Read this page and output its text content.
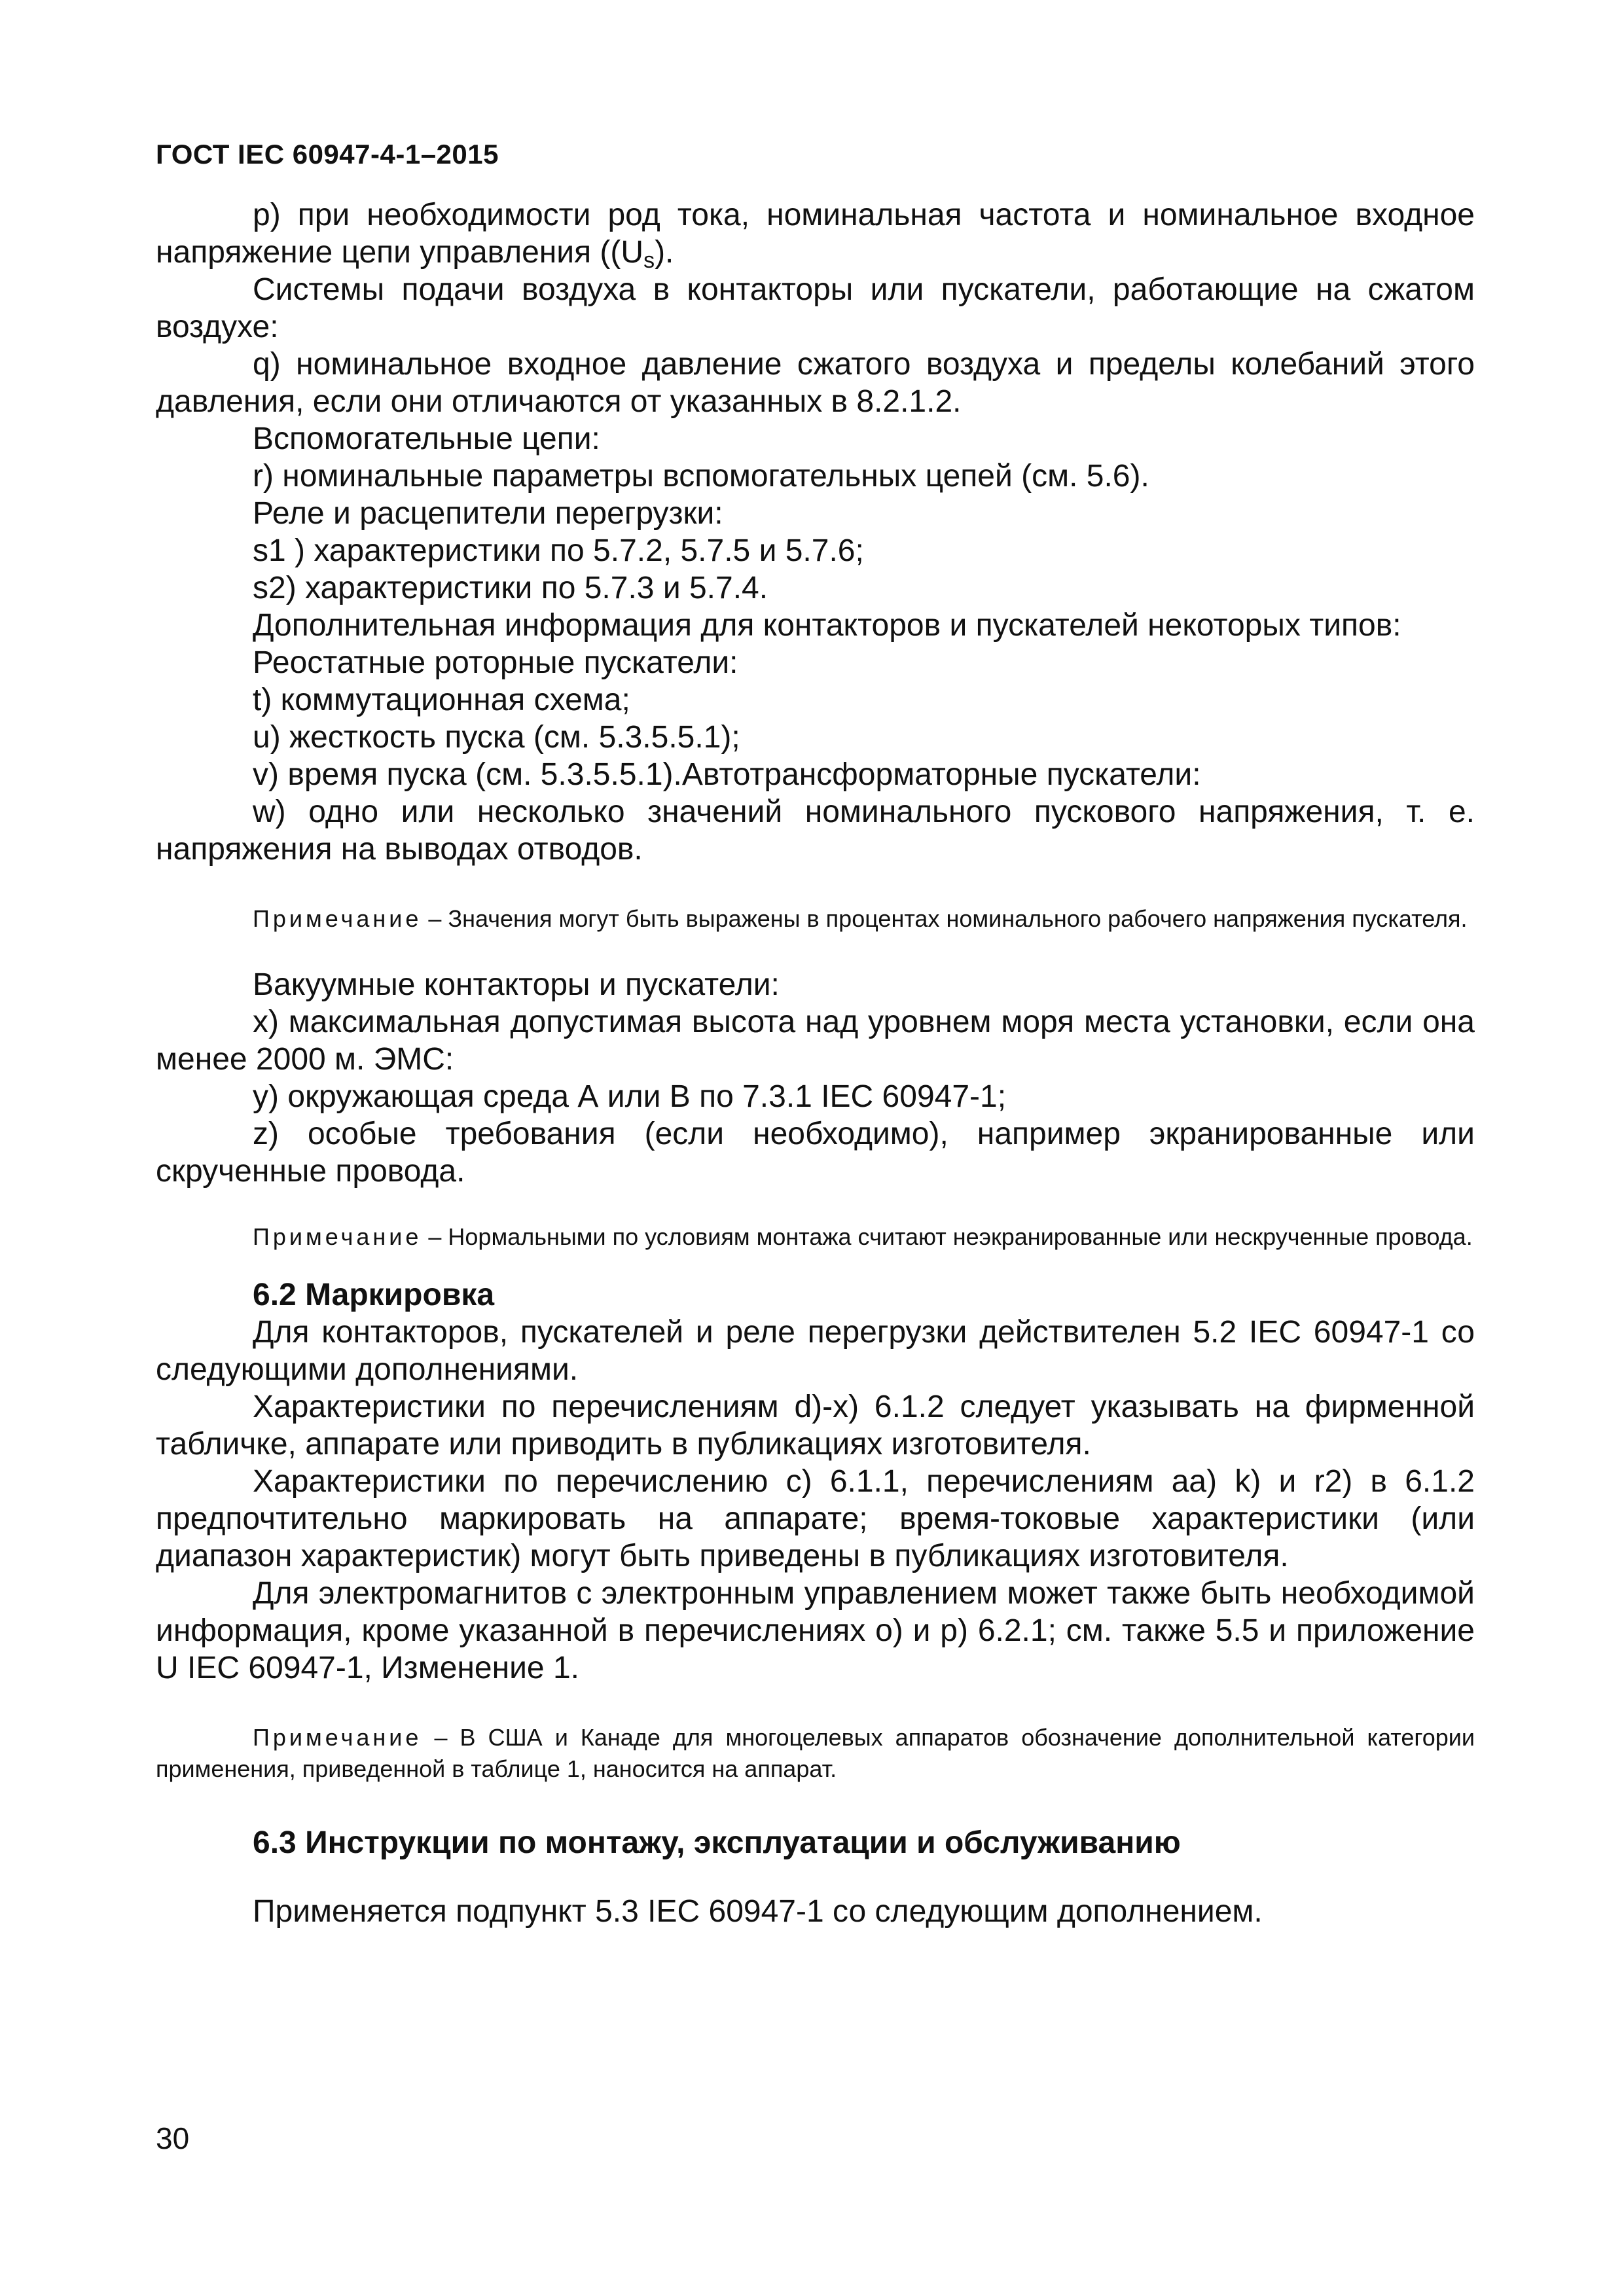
ГОСТ IEC 60947-4-1–2015

р) при необходимости род тока, номинальная частота и номинальное входное напряжение цепи управления ($(U_s)$.

Системы подачи воздуха в контакторы или пускатели, работающие на сжатом воздухе:

q) номинальное входное давление сжатого воздуха и пределы колебаний этого давления, если они отличаются от указанных в 8.2.1.2.

Вспомогательные цепи:

r) номинальные параметры вспомогательных цепей (см. 5.6).

Реле и расцепители перегрузки:

s1 ) характеристики по 5.7.2, 5.7.5 и 5.7.6;

s2) характеристики по 5.7.3 и 5.7.4.

Дополнительная информация для контакторов и пускателей некоторых типов:

Реостатные роторные пускатели:

t) коммутационная схема;

u) жесткость пуска (см. 5.3.5.5.1);

v) время пуска (см. 5.3.5.5.1).Автотрансформаторные пускатели:

w) одно или несколько значений номинального пускового напряжения, т. е. напряжения на выводах отводов.

Примечание – Значения могут быть выражены в процентах номинального рабочего напряжения пускателя.

Вакуумные контакторы и пускатели:

x) максимальная допустимая высота над уровнем моря места установки, если она менее 2000 м. ЭМС:

у) окружающая среда А или В по 7.3.1 IEC 60947-1;

z) особые требования (если необходимо), например экранированные или скрученные провода.

Примечание – Нормальными по условиям монтажа считают неэкранированные или нескрученные провода.

6.2 Маркировка

Для контакторов, пускателей и реле перегрузки действителен 5.2 IEC 60947-1 со следующими дополнениями.

Характеристики по перечислениям d)-x) 6.1.2 следует указывать на фирменной табличке, аппарате или приводить в публикациях изготовителя.

Характеристики по перечислению с) 6.1.1, перечислениям аа) k) и r2) в 6.1.2 предпочтительно маркировать на аппарате; время-токовые характеристики (или диапазон характеристик) могут быть приведены в публикациях изготовителя.

Для электромагнитов с электронным управлением может также быть необходимой информация, кроме указанной в перечислениях о) и р) 6.2.1; см. также 5.5 и приложение U IEC 60947-1, Изменение 1.

Примечание – В США и Канаде для многоцелевых аппаратов обозначение дополнительной категории применения, приведенной в таблице 1, наносится на аппарат.

6.3 Инструкции по монтажу, эксплуатации и обслуживанию

Применяется подпункт 5.3 IEC 60947-1 со следующим дополнением.

30
